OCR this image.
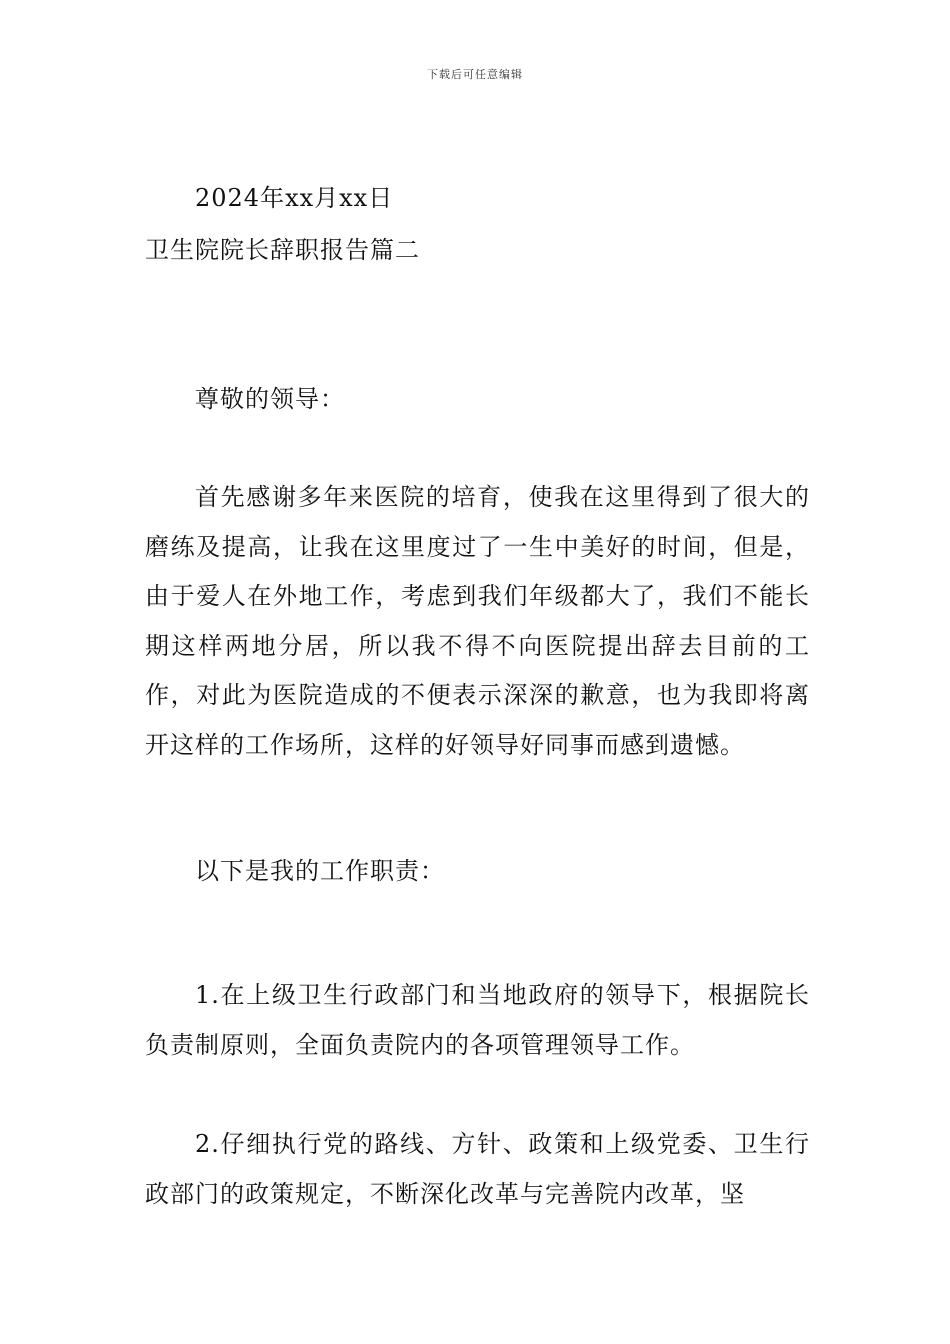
下载后可任意编辑
2024年xx月xx日
卫生院院长辞职报告篇二
尊敬的领导：
首先感谢多年来医院的培育，使我在这里得到了很大的磨练及提高，让我在这里度过了一生中美好的时间，但是，由于爱人在外地工作，考虑到我们年级都大了，我们不能长期这样两地分居，所以我不得不向医院提出辞去目前的工作，对此为医院造成的不便表示深深的歉意，也为我即将离开这样的工作场所，这样的好领导好同事而感到遗憾。
以下是我的工作职责：
1.在上级卫生行政部门和当地政府的领导下，根据院长负责制原则，全面负责院内的各项管理领导工作。
2.仔细执行党的路线、方针、政策和上级党委、卫生行政部门的政策规定，不断深化改革与完善院内改革，坚
